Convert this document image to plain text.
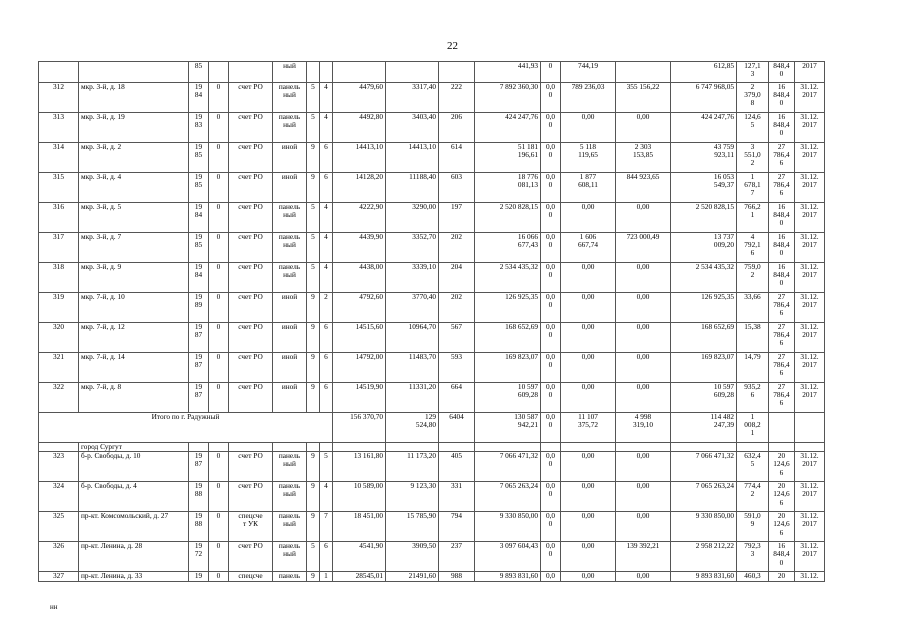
22
		85			ный						441,93	0	744,19		612,85	127,1
3	848,4
0	2017
312	мкр. 3-й, д. 18	19
84	0	счет РО	панель
ный	5	4	4479,60	3317,40	222	7 892 360,30	0,0
0	789 236,03	355 156,22	6 747 968,05	2
379,0
8	16
848,4
0	31.12.
2017
313	мкр. 3-й, д. 19	19
83	0	счет РО	панель
ный	5	4	4492,80	3403,40	206	424 247,76	0,0
0	0,00	0,00	424 247,76	124,6
5	16
848,4
0	31.12.
2017
314	мкр. 3-й, д. 2	19
85	0	счет РО	иной	9	6	14413,10	14413,10	614	51 181
196,61	0,0
0	5 118
119,65	2 303
153,85	43 759
923,11	3
551,0
2	27
786,4
6	31.12.
2017
315	мкр. 3-й, д. 4	19
85	0	счет РО	иной	9	6	14128,20	11188,40	603	18 776
081,13	0,0
0	1 877
608,11	844 923,65	16 053
549,37	1
678,1
7	27
786,4
6	31.12.
2017
316	мкр. 3-й, д. 5	19
84	0	счет РО	панель
ный	5	4	4222,90	3290,00	197	2 520 828,15	0,0
0	0,00	0,00	2 520 828,15	766,2
1	16
848,4
0	31.12.
2017
317	мкр. 3-й, д. 7	19
85	0	счет РО	панель
ный	5	4	4439,90	3352,70	202	16 066
677,43	0,0
0	1 606
667,74	723 000,49	13 737
009,20	4
792,1
6	16
848,4
0	31.12.
2017
318	мкр. 3-й, д. 9	19
84	0	счет РО	панель
ный	5	4	4438,00	3339,10	204	2 534 435,32	0,0
0	0,00	0,00	2 534 435,32	759,0
2	16
848,4
0	31.12.
2017
319	мкр. 7-й, д. 10	19
89	0	счет РО	иной	9	2	4792,60	3770,40	202	126 925,35	0,0
0	0,00	0,00	126 925,35	33,66	27
786,4
6	31.12.
2017
320	мкр. 7-й, д. 12	19
87	0	счет РО	иной	9	6	14515,60	10964,70	567	168 652,69	0,0
0	0,00	0,00	168 652,69	15,38	27
786,4
6	31.12.
2017
321	мкр. 7-й, д. 14	19
87	0	счет РО	иной	9	6	14792,00	11483,70	593	169 823,07	0,0
0	0,00	0,00	169 823,07	14,79	27
786,4
6	31.12.
2017
322	мкр. 7-й, д. 8	19
87	0	счет РО	иной	9	6	14519,90	11331,20	664	10 597
609,28	0,0
0	0,00	0,00	10 597
609,28	935,2
6	27
786,4
6	31.12.
2017
Итого по г. Радужный								156 370,70	129
524,80	6404	130 587
942,21	0,0
0	11 107
375,72	4 998
319,10	114 482
247,39	1
008,2
1		
	город Сургут																	
323	б-р. Свободы, д. 10	19
87	0	счет РО	панель
ный	9	5	13 161,80	11 173,20	405	7 066 471,32	0,0
0	0,00	0,00	7 066 471,32	632,4
5	20
124,6
6	31.12.
2017
324	б-р. Свободы, д. 4	19
88	0	счет РО	панель
ный	9	4	10 589,00	9 123,30	331	7 065 263,24	0,0
0	0,00	0,00	7 065 263,24	774,4
2	20
124,6
6	31.12.
2017
325	пр-кт. Комсомольский, д. 27	19
88	0	спецсче
т УК	панель
ный	9	7	18 451,00	15 785,90	794	9 330 850,00	0,0
0	0,00	0,00	9 330 850,00	591,0
9	20
124,6
6	31.12.
2017
326	пр-кт. Ленина, д. 28	19
72	0	счет РО	панель
ный	5	6	4541,90	3909,50	237	3 097 604,43	0,0
0	0,00	139 392,21	2 958 212,22	792,3
3	16
848,4
0	31.12.
2017
327	пр-кт. Ленина, д. 33	19	0	спецсче	панель	9	1	28545,01	21491,60	988	9 893 831,60	0,0	0,00	0,00	9 893 831,60	460,3	20	31.12.
нн
